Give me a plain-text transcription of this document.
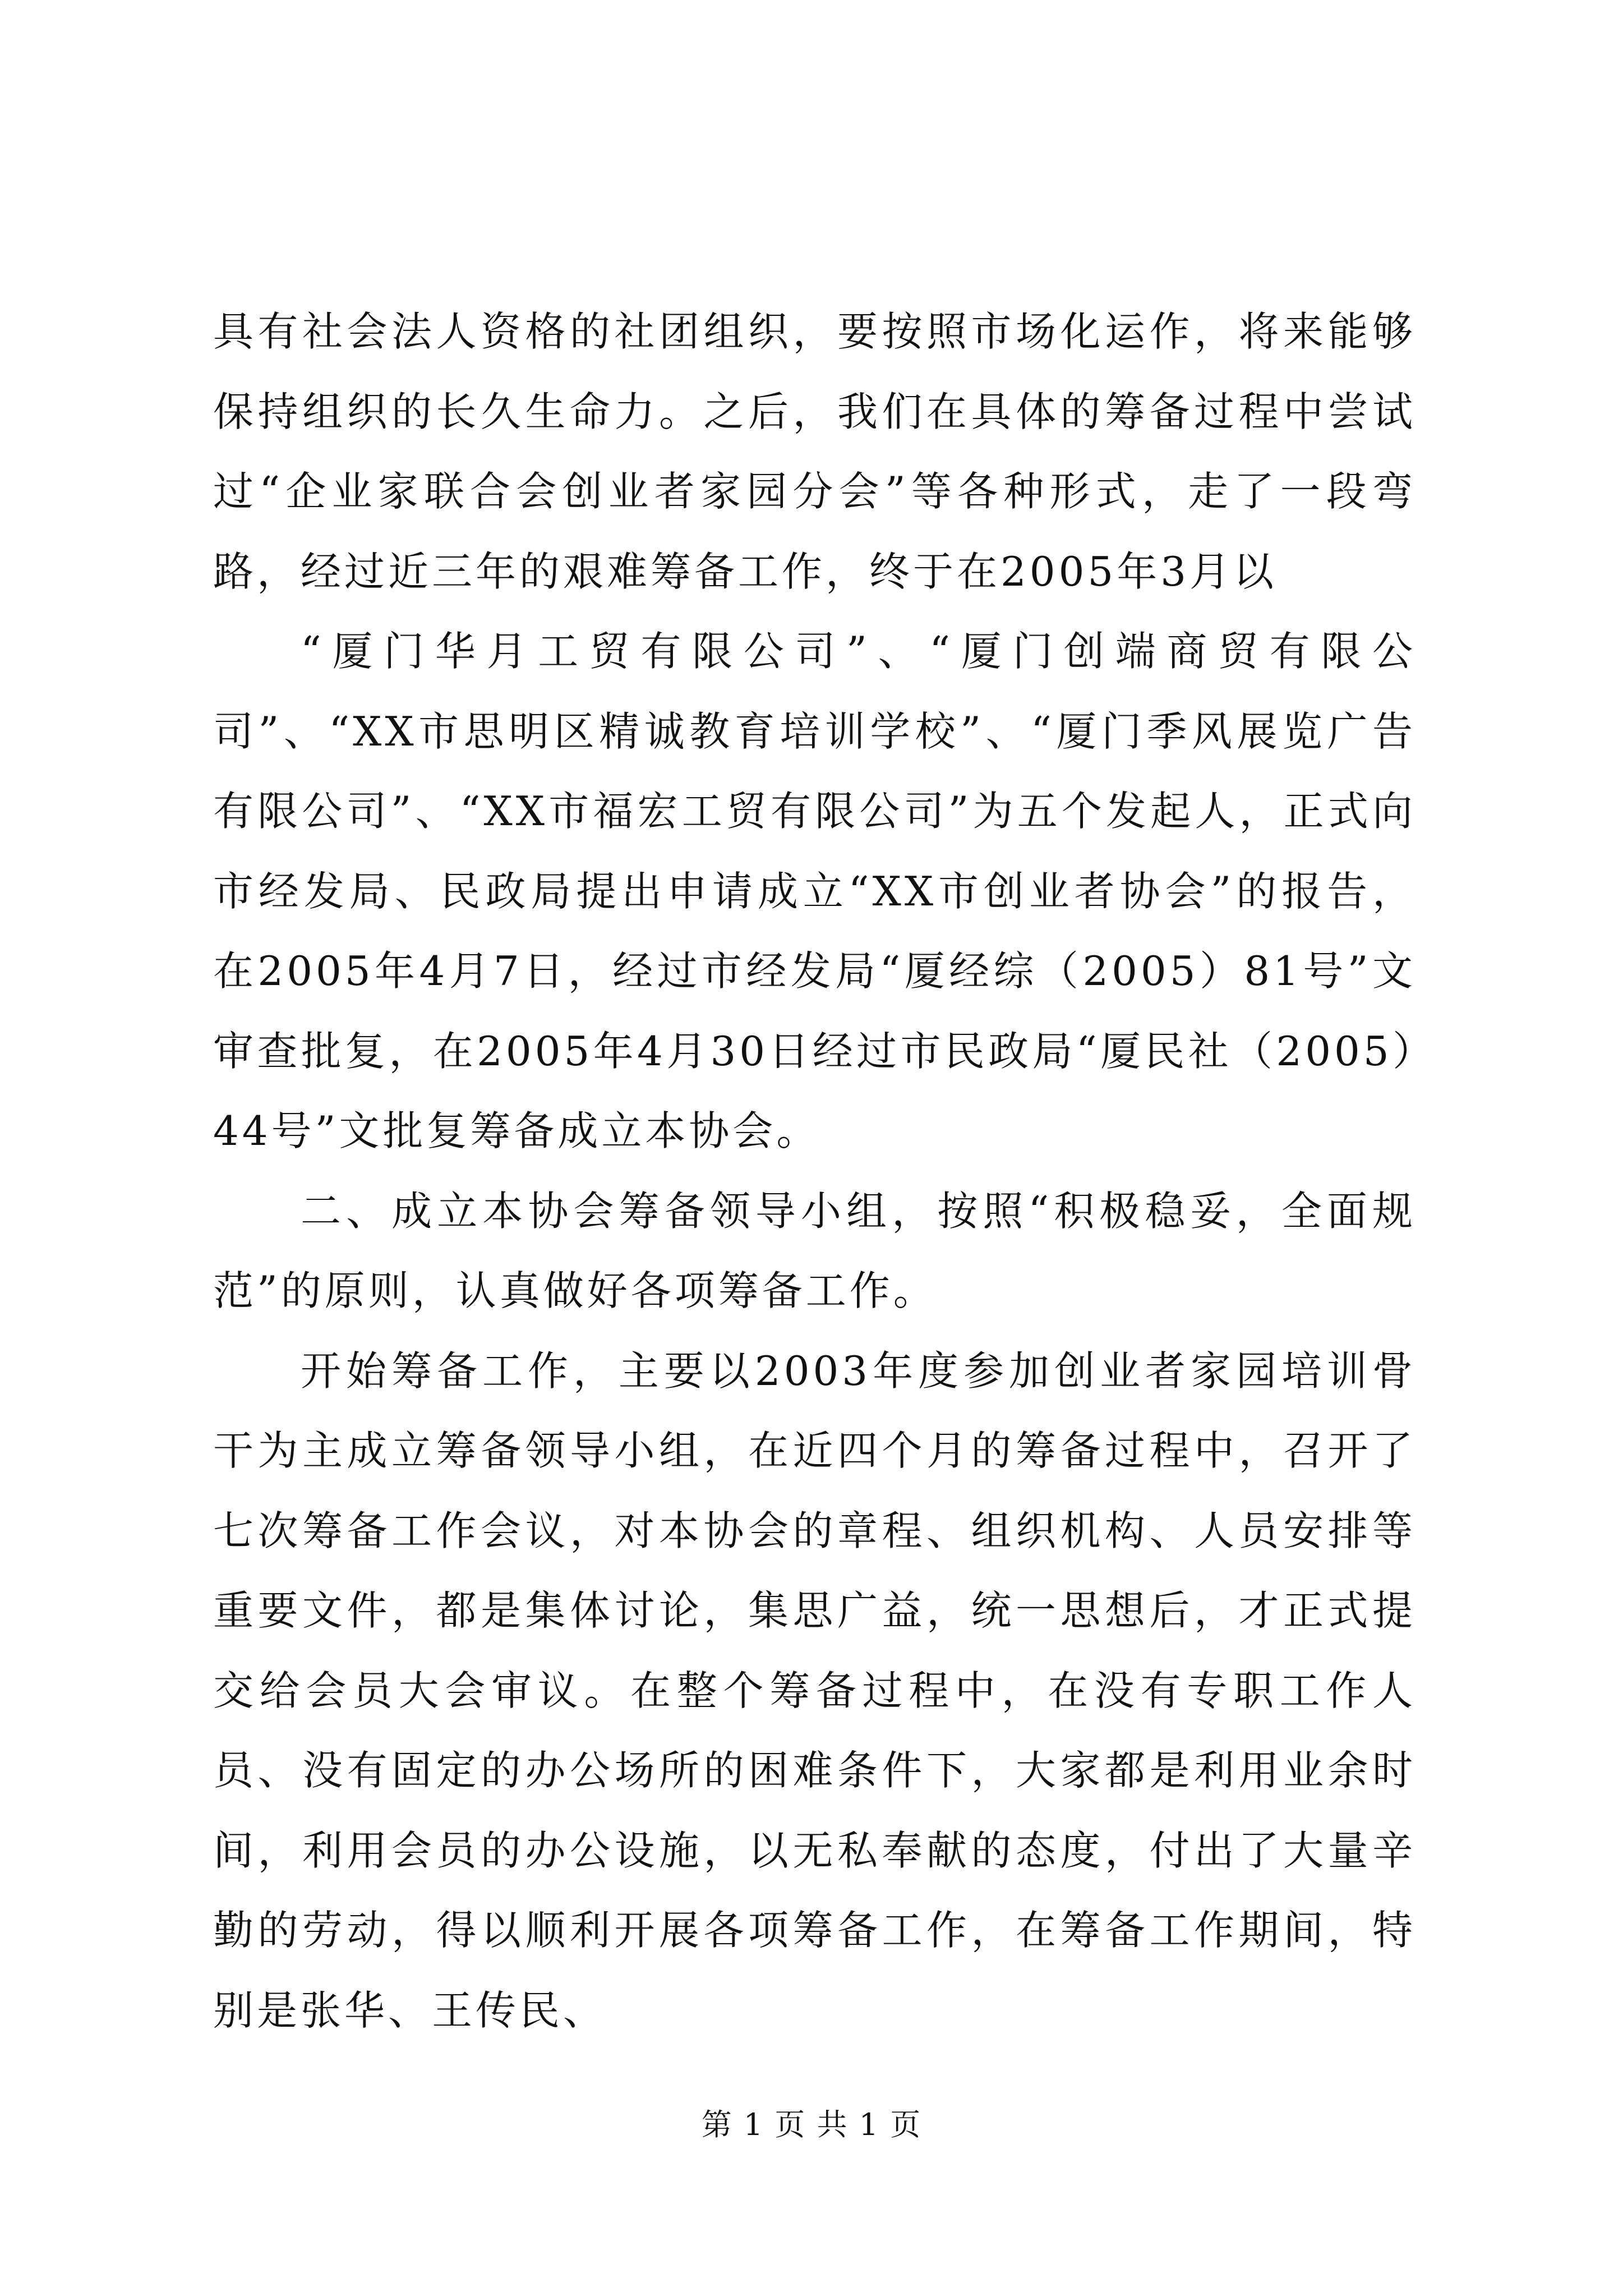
具有社会法人资格的社团组织，要按照市场化运作，将来能够保持组织的长久生命力。之后，我们在具体的筹备过程中尝试过“企业家联合会创业者家园分会”等各种形式，走了一段弯路，经过近三年的艰难筹备工作，终于在2005年3月以

“厦门华月工贸有限公司”、“厦门创端商贸有限公司”、“XX市思明区精诚教育培训学校”、“厦门季风展览广告有限公司”、“XX市福宏工贸有限公司”为五个发起人，正式向市经发局、民政局提出申请成立“XX市创业者协会”的报告，在2005年4月7日，经过市经发局“厦经综（2005）81号”文审查批复，在2005年4月30日经过市民政局“厦民社（2005）44号”文批复筹备成立本协会。

二、成立本协会筹备领导小组，按照“积极稳妥，全面规范”的原则，认真做好各项筹备工作。

开始筹备工作，主要以2003年度参加创业者家园培训骨干为主成立筹备领导小组，在近四个月的筹备过程中，召开了七次筹备工作会议，对本协会的章程、组织机构、人员安排等重要文件，都是集体讨论，集思广益，统一思想后，才正式提交给会员大会审议。在整个筹备过程中，在没有专职工作人员、没有固定的办公场所的困难条件下，大家都是利用业余时间，利用会员的办公设施，以无私奉献的态度，付出了大量辛勤的劳动，得以顺利开展各项筹备工作，在筹备工作期间，特别是张华、王传民、

第 1 页 共 1 页
